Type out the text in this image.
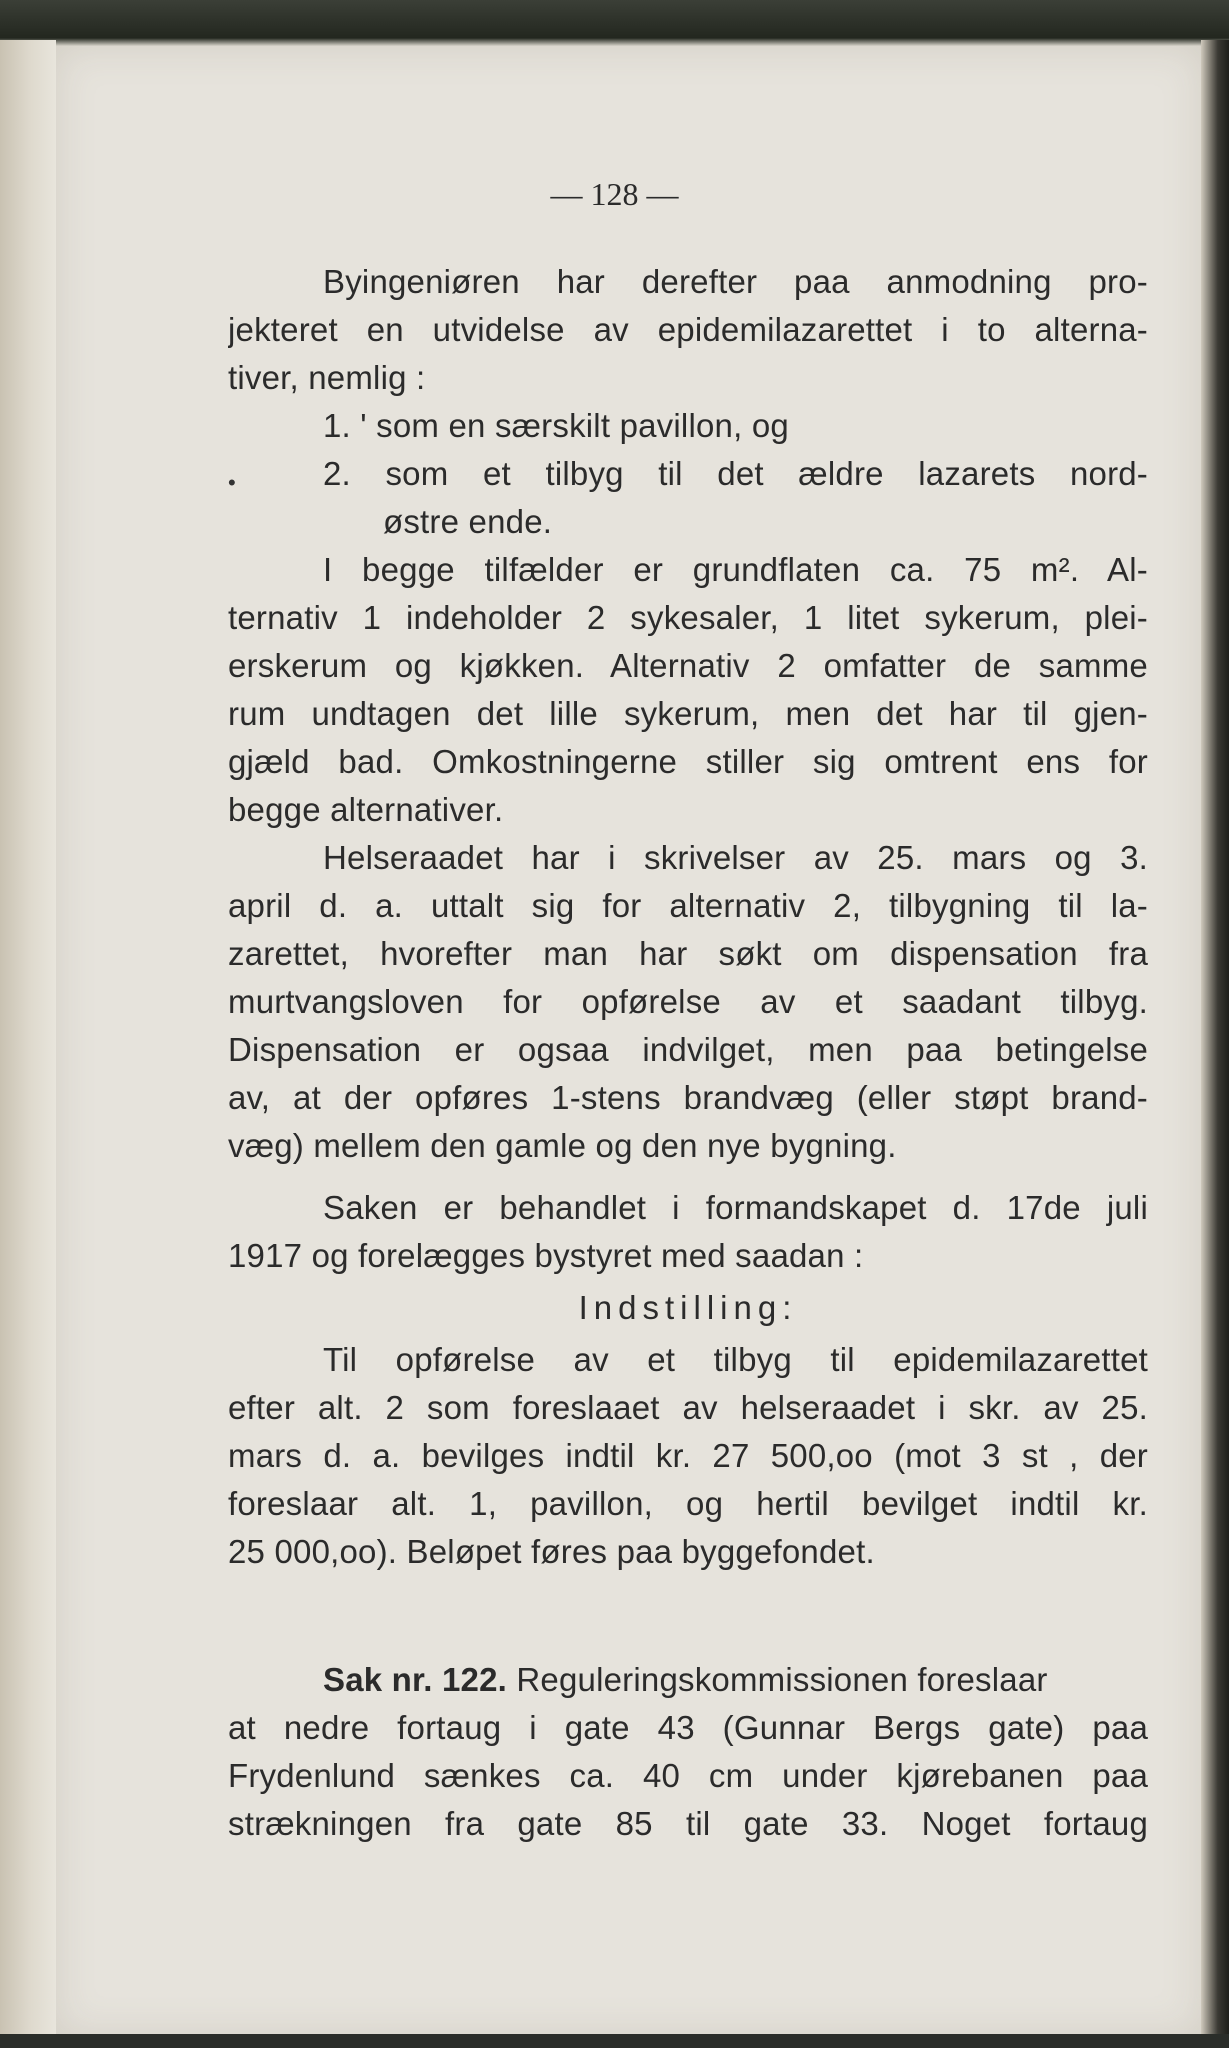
— 128 —
•
Byingeniøren har derefter paa anmodning pro-
jekteret en utvidelse av epidemilazarettet i to alterna-
tiver, nemlig :
1. ' som en særskilt pavillon, og
2. som et tilbyg til det ældre lazarets nord-
østre ende.
I begge tilfælder er grundflaten ca. 75 m². Al-
ternativ 1 indeholder 2 sykesaler, 1 litet sykerum, plei-
erskerum og kjøkken. Alternativ 2 omfatter de samme
rum undtagen det lille sykerum, men det har til gjen-
gjæld bad. Omkostningerne stiller sig omtrent ens for
begge alternativer.
Helseraadet har i skrivelser av 25. mars og 3.
april d. a. uttalt sig for alternativ 2, tilbygning til la-
zarettet, hvorefter man har søkt om dispensation fra
murtvangsloven for opførelse av et saadant tilbyg.
Dispensation er ogsaa indvilget, men paa betingelse
av, at der opføres 1-stens brandvæg (eller støpt brand-
væg) mellem den gamle og den nye bygning.
Saken er behandlet i formandskapet d. 17de juli
1917 og forelægges bystyret med saadan :
Indstilling:
Til opførelse av et tilbyg til epidemilazarettet
efter alt. 2 som foreslaaet av helseraadet i skr. av 25.
mars d. a. bevilges indtil kr. 27 500,oo (mot 3 st , der
foreslaar alt. 1, pavillon, og hertil bevilget indtil kr.
25 000,oo). Beløpet føres paa byggefondet.
Sak nr. 122. Reguleringskommissionen foreslaar
at nedre fortaug i gate 43 (Gunnar Bergs gate) paa
Frydenlund sænkes ca. 40 cm under kjørebanen paa
strækningen fra gate 85 til gate 33. Noget fortaug
